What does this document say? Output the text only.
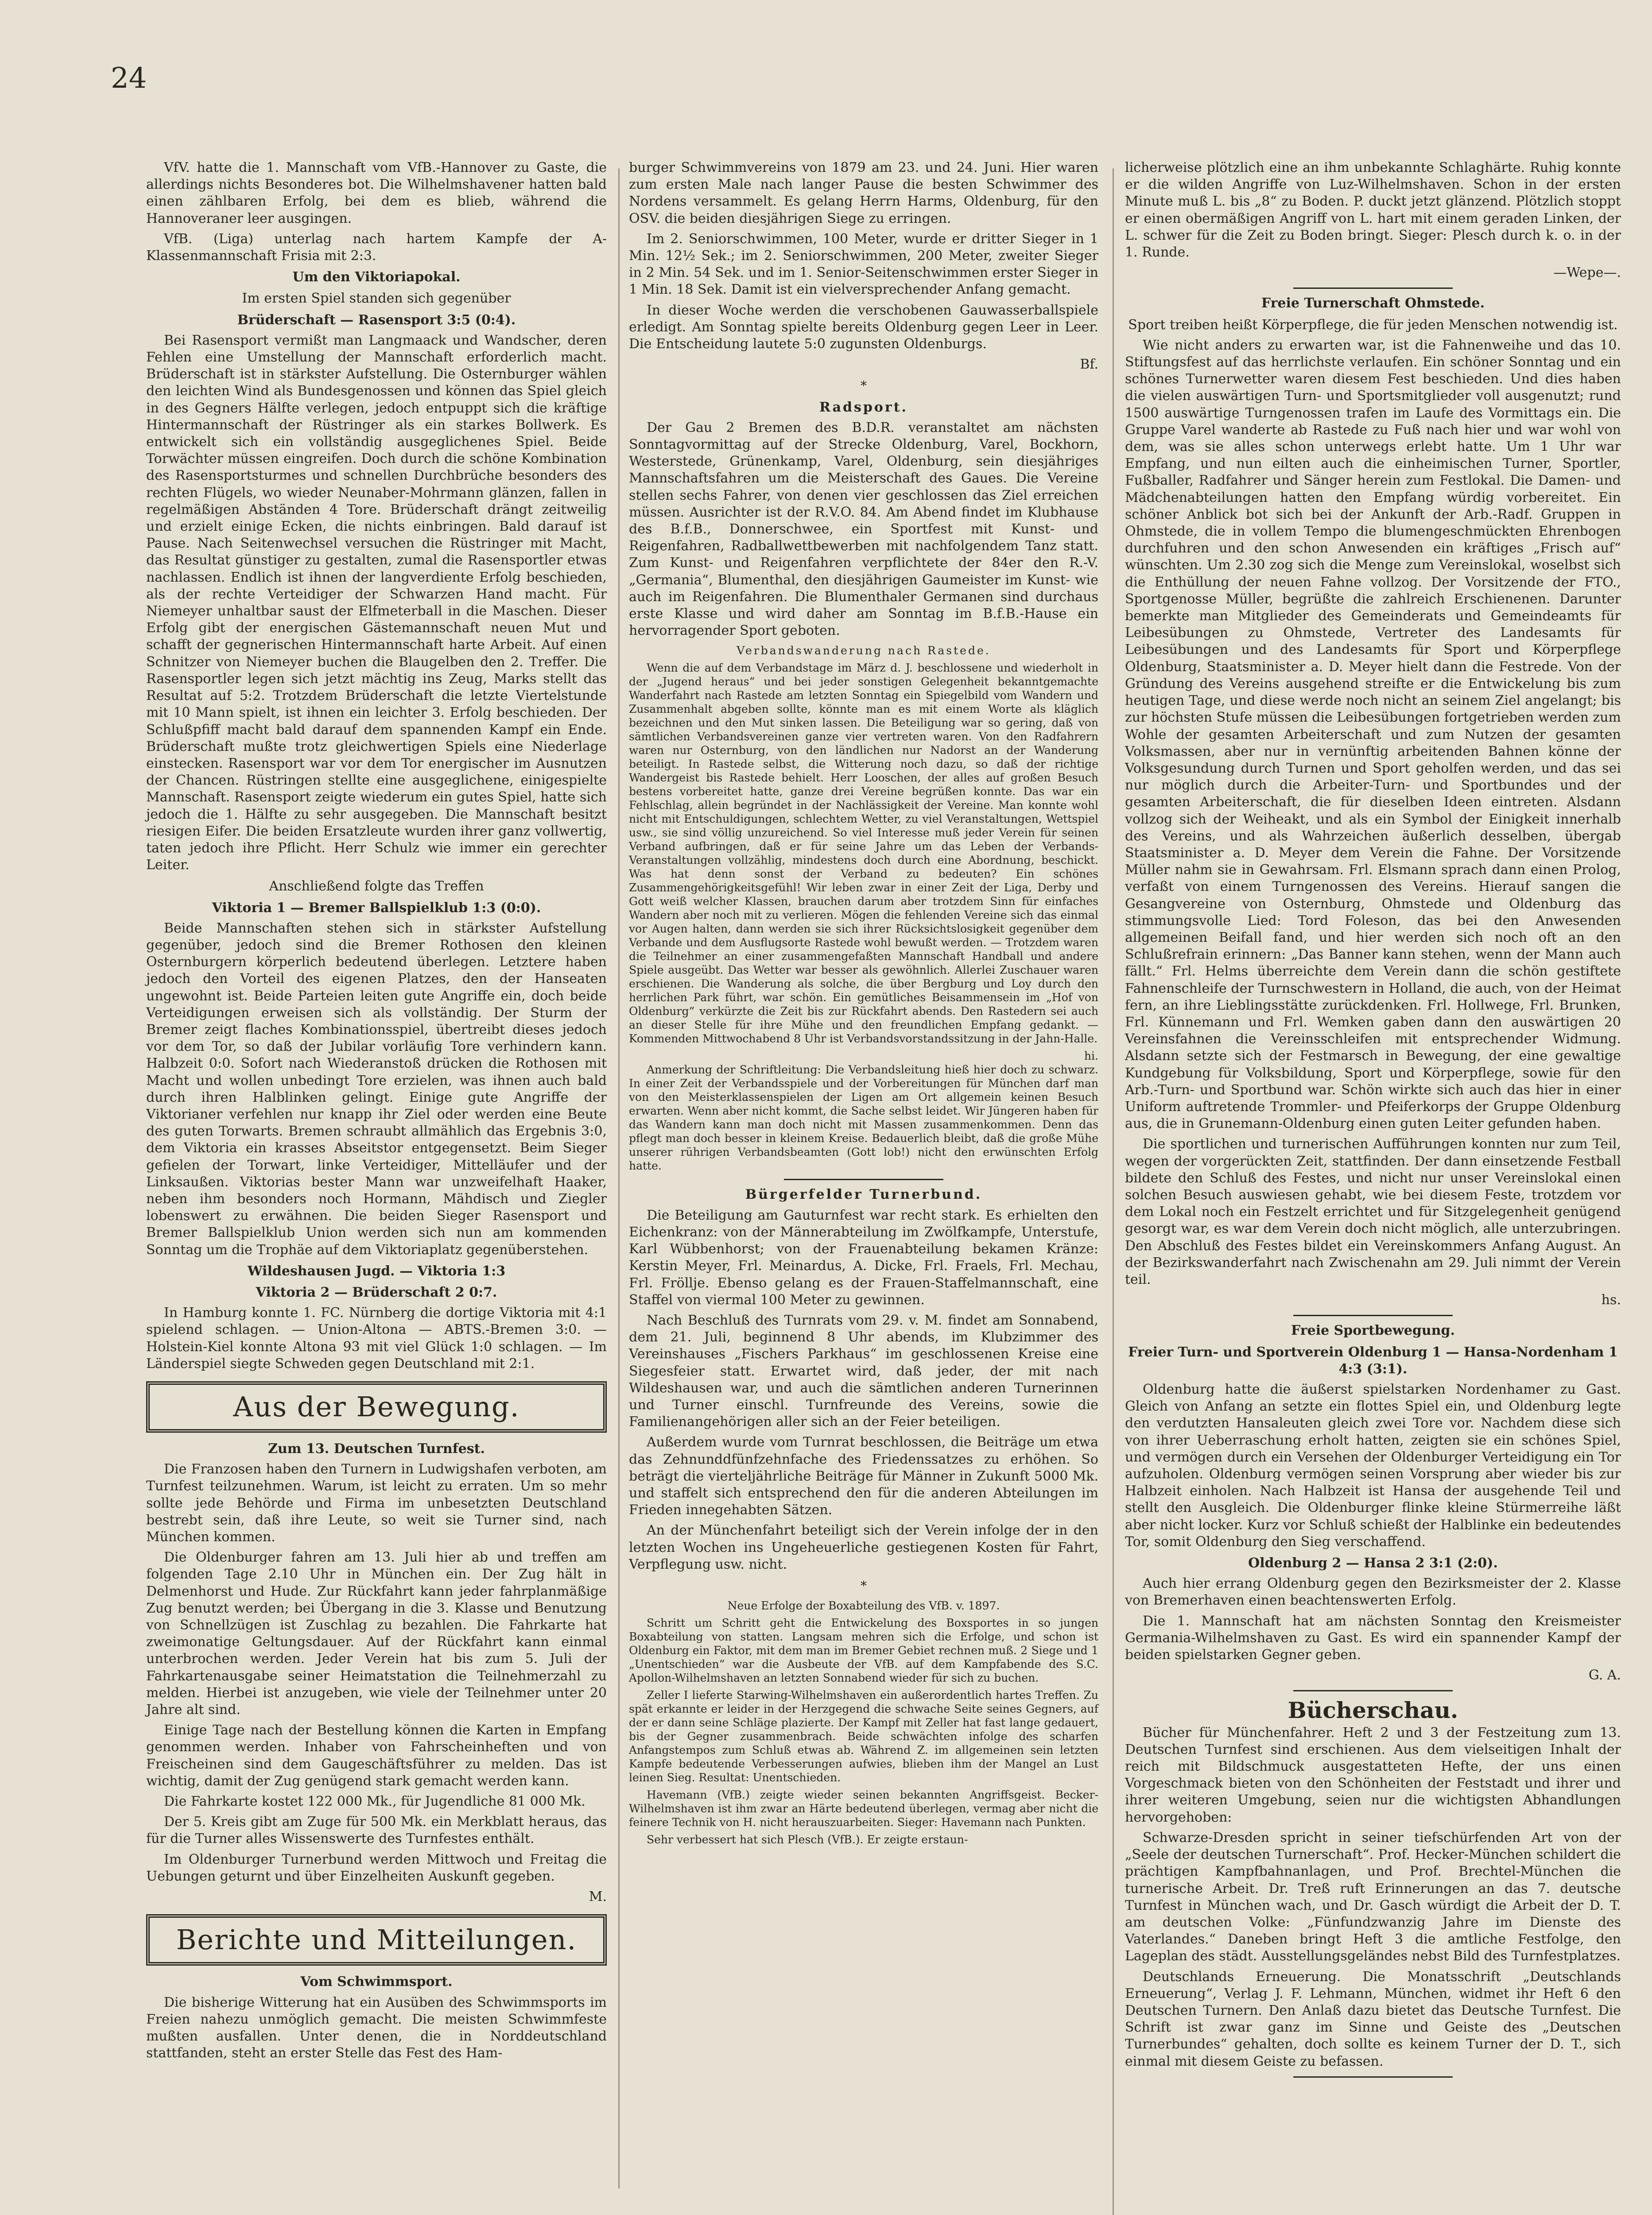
24

VfV. hatte die 1. Mannschaft vom VfB.-Hannover zu Gaste, die allerdings nichts Besonderes bot. Die Wilhelmshavener hatten bald einen zählbaren Erfolg, bei dem es blieb, während die Hannoveraner leer ausgingen.

VfB. (Liga) unterlag nach hartem Kampfe der A-Klassenmannschaft Frisia mit 2:3.

Um den Viktoriapokal.

Im ersten Spiel standen sich gegenüber

Brüderschaft — Rasensport 3:5 (0:4).

Bei Rasensport vermißt man Langmaack und Wandscher, deren Fehlen eine Umstellung der Mannschaft erforderlich macht. Brüderschaft ist in stärkster Aufstellung. Die Osternburger wählen den leichten Wind als Bundesgenossen und können das Spiel gleich in des Gegners Hälfte verlegen, jedoch entpuppt sich die kräftige Hintermannschaft der Rüstringer als ein starkes Bollwerk. Es entwickelt sich ein vollständig ausgeglichenes Spiel. Beide Torwächter müssen eingreifen. Doch durch die schöne Kombination des Rasensportsturmes und schnellen Durchbrüche besonders des rechten Flügels, wo wieder Neunaber-Mohrmann glänzen, fallen in regelmäßigen Abständen 4 Tore. Brüderschaft drängt zeitweilig und erzielt einige Ecken, die nichts einbringen. Bald darauf ist Pause. Nach Seitenwechsel versuchen die Rüstringer mit Macht, das Resultat günstiger zu gestalten, zumal die Rasensportler etwas nachlassen. Endlich ist ihnen der langverdiente Erfolg beschieden, als der rechte Verteidiger der Schwarzen Hand macht. Für Niemeyer unhaltbar saust der Elfmeterball in die Maschen. Dieser Erfolg gibt der energischen Gästemannschaft neuen Mut und schafft der gegnerischen Hintermannschaft harte Arbeit. Auf einen Schnitzer von Niemeyer buchen die Blaugelben den 2. Treffer. Die Rasensportler legen sich jetzt mächtig ins Zeug, Marks stellt das Resultat auf 5:2. Trotzdem Brüderschaft die letzte Viertelstunde mit 10 Mann spielt, ist ihnen ein leichter 3. Erfolg beschieden. Der Schlußpfiff macht bald darauf dem spannenden Kampf ein Ende. Brüderschaft mußte trotz gleichwertigen Spiels eine Niederlage einstecken. Rasensport war vor dem Tor energischer im Ausnutzen der Chancen. Rüstringen stellte eine ausgeglichene, einigespielte Mannschaft. Rasensport zeigte wiederum ein gutes Spiel, hatte sich jedoch die 1. Hälfte zu sehr ausgegeben. Die Mannschaft besitzt riesigen Eifer. Die beiden Ersatzleute wurden ihrer ganz vollwertig, taten jedoch ihre Pflicht. Herr Schulz wie immer ein gerechter Leiter.

Anschließend folgte das Treffen

Viktoria 1 — Bremer Ballspielklub 1:3 (0:0).

Beide Mannschaften stehen sich in stärkster Aufstellung gegenüber, jedoch sind die Bremer Rothosen den kleinen Osternburgern körperlich bedeutend überlegen. Letztere haben jedoch den Vorteil des eigenen Platzes, den der Hanseaten ungewohnt ist. Beide Parteien leiten gute Angriffe ein, doch beide Verteidigungen erweisen sich als vollständig. Der Sturm der Bremer zeigt flaches Kombinationsspiel, übertreibt dieses jedoch vor dem Tor, so daß der Jubilar vorläufig Tore verhindern kann. Halbzeit 0:0. Sofort nach Wiederanstoß drücken die Rothosen mit Macht und wollen unbedingt Tore erzielen, was ihnen auch bald durch ihren Halblinken gelingt. Einige gute Angriffe der Viktorianer verfehlen nur knapp ihr Ziel oder werden eine Beute des guten Torwarts. Bremen schraubt allmählich das Ergebnis 3:0, dem Viktoria ein krasses Abseitstor entgegensetzt. Beim Sieger gefielen der Torwart, linke Verteidiger, Mittelläufer und der Linksaußen. Viktorias bester Mann war unzweifelhaft Haaker, neben ihm besonders noch Hormann, Mähdisch und Ziegler lobenswert zu erwähnen. Die beiden Sieger Rasensport und Bremer Ballspielklub Union werden sich nun am kommenden Sonntag um die Trophäe auf dem Viktoriaplatz gegenüberstehen.

Wildeshausen Jugd. — Viktoria 1:3
Viktoria 2 — Brüderschaft 2 0:7.

In Hamburg konnte 1. FC. Nürnberg die dortige Viktoria mit 4:1 spielend schlagen. — Union-Altona — ABTS.-Bremen 3:0. — Holstein-Kiel konnte Altona 93 mit viel Glück 1:0 schlagen. — Im Länderspiel siegte Schweden gegen Deutschland mit 2:1.

Aus der Bewegung.
Zum 13. Deutschen Turnfest.

Die Franzosen haben den Turnern in Ludwigshafen verboten, am Turnfest teilzunehmen. Warum, ist leicht zu erraten. Um so mehr sollte jede Behörde und Firma im unbesetzten Deutschland bestrebt sein, daß ihre Leute, so weit sie Turner sind, nach München kommen.

Die Oldenburger fahren am 13. Juli hier ab und treffen am folgenden Tage 2.10 Uhr in München ein. Der Zug hält in Delmenhorst und Hude. Zur Rückfahrt kann jeder fahrplanmäßige Zug benutzt werden; bei Übergang in die 3. Klasse und Benutzung von Schnellzügen ist Zuschlag zu bezahlen. Die Fahrkarte hat zweimonatige Geltungsdauer. Auf der Rückfahrt kann einmal unterbrochen werden. Jeder Verein hat bis zum 5. Juli der Fahrkartenausgabe seiner Heimatstation die Teilnehmerzahl zu melden. Hierbei ist anzugeben, wie viele der Teilnehmer unter 20 Jahre alt sind.

Einige Tage nach der Bestellung können die Karten in Empfang genommen werden. Inhaber von Fahrscheinheften und von Freischeinen sind dem Gaugeschäftsführer zu melden. Das ist wichtig, damit der Zug genügend stark gemacht werden kann.

Die Fahrkarte kostet 122 000 Mk., für Jugendliche 81 000 Mk.

Der 5. Kreis gibt am Zuge für 500 Mk. ein Merkblatt heraus, das für die Turner alles Wissenswerte des Turnfestes enthält.

Im Oldenburger Turnerbund werden Mittwoch und Freitag die Uebungen geturnt und über Einzelheiten Auskunft gegeben.

M.
Berichte und Mitteilungen.
Vom Schwimmsport.

Die bisherige Witterung hat ein Ausüben des Schwimmsports im Freien nahezu unmöglich gemacht. Die meisten Schwimmfeste mußten ausfallen. Unter denen, die in Norddeutschland stattfanden, steht an erster Stelle das Fest des Ham-

burger Schwimmvereins von 1879 am 23. und 24. Juni. Hier waren zum ersten Male nach langer Pause die besten Schwimmer des Nordens versammelt. Es gelang Herrn Harms, Oldenburg, für den OSV. die beiden diesjährigen Siege zu erringen.

Im 2. Seniorschwimmen, 100 Meter, wurde er dritter Sieger in 1 Min. 12½ Sek.; im 2. Seniorschwimmen, 200 Meter, zweiter Sieger in 2 Min. 54 Sek. und im 1. Senior-Seitenschwimmen erster Sieger in 1 Min. 18 Sek. Damit ist ein vielversprechender Anfang gemacht.

In dieser Woche werden die verschobenen Gauwasserballspiele erledigt. Am Sonntag spielte bereits Oldenburg gegen Leer in Leer. Die Entscheidung lautete 5:0 zugunsten Oldenburgs.

Bf.
*
Radsport.

Der Gau 2 Bremen des B.D.R. veranstaltet am nächsten Sonntagvormittag auf der Strecke Oldenburg, Varel, Bockhorn, Westerstede, Grünenkamp, Varel, Oldenburg, sein diesjähriges Mannschaftsfahren um die Meisterschaft des Gaues. Die Vereine stellen sechs Fahrer, von denen vier geschlossen das Ziel erreichen müssen. Ausrichter ist der R.V.O. 84. Am Abend findet im Klubhause des B.f.B., Donnerschwee, ein Sportfest mit Kunst- und Reigenfahren, Radballwettbewerben mit nachfolgendem Tanz statt. Zum Kunst- und Reigenfahren verpflichtete der 84er den R.-V. „Germania“, Blumenthal, den diesjährigen Gaumeister im Kunst- wie auch im Reigenfahren. Die Blumenthaler Germanen sind durchaus erste Klasse und wird daher am Sonntag im B.f.B.-Hause ein hervorragender Sport geboten.

Verbandswanderung nach Rastede.

Wenn die auf dem Verbandstage im März d. J. beschlossene und wiederholt in der „Jugend heraus“ und bei jeder sonstigen Gelegenheit bekanntgemachte Wanderfahrt nach Rastede am letzten Sonntag ein Spiegelbild vom Wandern und Zusammenhalt abgeben sollte, könnte man es mit einem Worte als kläglich bezeichnen und den Mut sinken lassen. Die Beteiligung war so gering, daß von sämtlichen Verbandsvereinen ganze vier vertreten waren. Von den Radfahrern waren nur Osternburg, von den ländlichen nur Nadorst an der Wanderung beteiligt. In Rastede selbst, die Witterung noch dazu, so daß der richtige Wandergeist bis Rastede behielt. Herr Looschen, der alles auf großen Besuch bestens vorbereitet hatte, ganze drei Vereine begrüßen konnte. Das war ein Fehlschlag, allein begründet in der Nachlässigkeit der Vereine. Man konnte wohl nicht mit Entschuldigungen, schlechtem Wetter, zu viel Veranstaltungen, Wettspiel usw., sie sind völlig unzureichend. So viel Interesse muß jeder Verein für seinen Verband aufbringen, daß er für seine Jahre um das Leben der Verbands-Veranstaltungen vollzählig, mindestens doch durch eine Abordnung, beschickt. Was hat denn sonst der Verband zu bedeuten? Ein schönes Zusammengehörigkeitsgefühl! Wir leben zwar in einer Zeit der Liga, Derby und Gott weiß welcher Klassen, brauchen darum aber trotzdem Sinn für einfaches Wandern aber noch mit zu verlieren. Mögen die fehlenden Vereine sich das einmal vor Augen halten, dann werden sie sich ihrer Rücksichtslosigkeit gegenüber dem Verbande und dem Ausflugsorte Rastede wohl bewußt werden. — Trotzdem waren die Teilnehmer an einer zusammengefaßten Mannschaft Handball und andere Spiele ausgeübt. Das Wetter war besser als gewöhnlich. Allerlei Zuschauer waren erschienen. Die Wanderung als solche, die über Bergburg und Loy durch den herrlichen Park führt, war schön. Ein gemütliches Beisammensein im „Hof von Oldenburg“ verkürzte die Zeit bis zur Rückfahrt abends. Den Rastedern sei auch an dieser Stelle für ihre Mühe und den freundlichen Empfang gedankt. — Kommenden Mittwochabend 8 Uhr ist Verbandsvorstandssitzung in der Jahn-Halle.

hi.

Anmerkung der Schriftleitung: Die Verbandsleitung hieß hier doch zu schwarz. In einer Zeit der Verbandsspiele und der Vorbereitungen für München darf man von den Meisterklassenspielen der Ligen am Ort allgemein keinen Besuch erwarten. Wenn aber nicht kommt, die Sache selbst leidet. Wir Jüngeren haben für das Wandern kann man doch nicht mit Massen zusammenkommen. Denn das pflegt man doch besser in kleinem Kreise. Bedauerlich bleibt, daß die große Mühe unserer rührigen Verbandsbeamten (Gott lob!) nicht den erwünschten Erfolg hatte.

Bürgerfelder Turnerbund.

Die Beteiligung am Gauturnfest war recht stark. Es erhielten den Eichenkranz: von der Männerabteilung im Zwölfkampfe, Unterstufe, Karl Wübbenhorst; von der Frauenabteilung bekamen Kränze: Kerstin Meyer, Frl. Meinardus, A. Dicke, Frl. Fraels, Frl. Mechau, Frl. Fröllje. Ebenso gelang es der Frauen-Staffelmannschaft, eine Staffel von viermal 100 Meter zu gewinnen.

Nach Beschluß des Turnrats vom 29. v. M. findet am Sonnabend, dem 21. Juli, beginnend 8 Uhr abends, im Klubzimmer des Vereinshauses „Fischers Parkhaus“ im geschlossenen Kreise eine Siegesfeier statt. Erwartet wird, daß jeder, der mit nach Wildeshausen war, und auch die sämtlichen anderen Turnerinnen und Turner einschl. Turnfreunde des Vereins, sowie die Familienangehörigen aller sich an der Feier beteiligen.

Außerdem wurde vom Turnrat beschlossen, die Beiträge um etwa das Zehnunddfünfzehnfache des Friedenssatzes zu erhöhen. So beträgt die vierteljährliche Beiträge für Männer in Zukunft 5000 Mk. und staffelt sich entsprechend den für die anderen Abteilungen im Frieden innegehabten Sätzen.

An der Münchenfahrt beteiligt sich der Verein infolge der in den letzten Wochen ins Ungeheuerliche gestiegenen Kosten für Fahrt, Verpflegung usw. nicht.

*
Neue Erfolge der Boxabteilung des VfB. v. 1897.

Schritt um Schritt geht die Entwickelung des Boxsportes in so jungen Boxabteilung von statten. Langsam mehren sich die Erfolge, und schon ist Oldenburg ein Faktor, mit dem man im Bremer Gebiet rechnen muß. 2 Siege und 1 „Unentschieden“ war die Ausbeute der VfB. auf dem Kampfabende des S.C. Apollon-Wilhelmshaven an letzten Sonnabend wieder für sich zu buchen.

Zeller I lieferte Starwing-Wilhelmshaven ein außerordentlich hartes Treffen. Zu spät erkannte er leider in der Herzgegend die schwache Seite seines Gegners, auf der er dann seine Schläge plazierte. Der Kampf mit Zeller hat fast lange gedauert, bis der Gegner zusammenbrach. Beide schwächten infolge des scharfen Anfangstempos zum Schluß etwas ab. Während Z. im allgemeinen sein letzten Kampfe bedeutende Verbesserungen aufwies, blieben ihm der Mangel an Lust leinen Sieg. Resultat: Unentschieden.

Havemann (VfB.) zeigte wieder seinen bekannten Angriffsgeist. Becker-Wilhelmshaven ist ihm zwar an Härte bedeutend überlegen, vermag aber nicht die feinere Technik von H. nicht herauszuarbeiten. Sieger: Havemann nach Punkten.

Sehr verbessert hat sich Plesch (VfB.). Er zeigte erstaun-

licherweise plötzlich eine an ihm unbekannte Schlaghärte. Ruhig konnte er die wilden Angriffe von Luz-Wilhelmshaven. Schon in der ersten Minute muß L. bis „8“ zu Boden. P. duckt jetzt glänzend. Plötzlich stoppt er einen obermäßigen Angriff von L. hart mit einem geraden Linken, der L. schwer für die Zeit zu Boden bringt. Sieger: Plesch durch k. o. in der 1. Runde.

—Wepe—.
Freie Turnerschaft Ohmstede.
Sport treiben heißt Körperpflege, die für jeden Menschen notwendig ist.

Wie nicht anders zu erwarten war, ist die Fahnenweihe und das 10. Stiftungsfest auf das herrlichste verlaufen. Ein schöner Sonntag und ein schönes Turnerwetter waren diesem Fest beschieden. Und dies haben die vielen auswärtigen Turn- und Sportsmitglieder voll ausgenutzt; rund 1500 auswärtige Turngenossen trafen im Laufe des Vormittags ein. Die Gruppe Varel wanderte ab Rastede zu Fuß nach hier und war wohl von dem, was sie alles schon unterwegs erlebt hatte. Um 1 Uhr war Empfang, und nun eilten auch die einheimischen Turner, Sportler, Fußballer, Radfahrer und Sänger herein zum Festlokal. Die Damen- und Mädchenabteilungen hatten den Empfang würdig vorbereitet. Ein schöner Anblick bot sich bei der Ankunft der Arb.-Radf. Gruppen in Ohmstede, die in vollem Tempo die blumengeschmückten Ehrenbogen durchfuhren und den schon Anwesenden ein kräftiges „Frisch auf“ wünschten. Um 2.30 zog sich die Menge zum Vereinslokal, woselbst sich die Enthüllung der neuen Fahne vollzog. Der Vorsitzende der FTO., Sportgenosse Müller, begrüßte die zahlreich Erschienenen. Darunter bemerkte man Mitglieder des Gemeinderats und Gemeindeamts für Leibesübungen zu Ohmstede, Vertreter des Landesamts für Leibesübungen und des Landesamts für Sport und Körperpflege Oldenburg, Staatsminister a. D. Meyer hielt dann die Festrede. Von der Gründung des Vereins ausgehend streifte er die Entwickelung bis zum heutigen Tage, und diese werde noch nicht an seinem Ziel angelangt; bis zur höchsten Stufe müssen die Leibesübungen fortgetrieben werden zum Wohle der gesamten Arbeiterschaft und zum Nutzen der gesamten Volksmassen, aber nur in vernünftig arbeitenden Bahnen könne der Volksgesundung durch Turnen und Sport geholfen werden, und das sei nur möglich durch die Arbeiter-Turn- und Sportbundes und der gesamten Arbeiterschaft, die für dieselben Ideen eintreten. Alsdann vollzog sich der Weiheakt, und als ein Symbol der Einigkeit innerhalb des Vereins, und als Wahrzeichen äußerlich desselben, übergab Staatsminister a. D. Meyer dem Verein die Fahne. Der Vorsitzende Müller nahm sie in Gewahrsam. Frl. Elsmann sprach dann einen Prolog, verfaßt von einem Turngenossen des Vereins. Hierauf sangen die Gesangvereine von Osternburg, Ohmstede und Oldenburg das stimmungsvolle Lied: Tord Foleson, das bei den Anwesenden allgemeinen Beifall fand, und hier werden sich noch oft an den Schlußrefrain erinnern: „Das Banner kann stehen, wenn der Mann auch fällt.“ Frl. Helms überreichte dem Verein dann die schön gestiftete Fahnenschleife der Turnschwestern in Holland, die auch, von der Heimat fern, an ihre Lieblingsstätte zurückdenken. Frl. Hollwege, Frl. Brunken, Frl. Künnemann und Frl. Wemken gaben dann den auswärtigen 20 Vereinsfahnen die Vereinsschleifen mit entsprechender Widmung. Alsdann setzte sich der Festmarsch in Bewegung, der eine gewaltige Kundgebung für Volksbildung, Sport und Körperpflege, sowie für den Arb.-Turn- und Sportbund war. Schön wirkte sich auch das hier in einer Uniform auftretende Trommler- und Pfeiferkorps der Gruppe Oldenburg aus, die in Grunemann-Oldenburg einen guten Leiter gefunden haben.

Die sportlichen und turnerischen Aufführungen konnten nur zum Teil, wegen der vorgerückten Zeit, stattfinden. Der dann einsetzende Festball bildete den Schluß des Festes, und nicht nur unser Vereinslokal einen solchen Besuch auswiesen gehabt, wie bei diesem Feste, trotzdem vor dem Lokal noch ein Festzelt errichtet und für Sitzgelegenheit genügend gesorgt war, es war dem Verein doch nicht möglich, alle unterzubringen. Den Abschluß des Festes bildet ein Vereinskommers Anfang August. An der Bezirkswanderfahrt nach Zwischenahn am 29. Juli nimmt der Verein teil.

hs.
Freie Sportbewegung.
Freier Turn- und Sportverein Oldenburg 1 — Hansa-Nordenham 1 4:3 (3:1).

Oldenburg hatte die äußerst spielstarken Nordenhamer zu Gast. Gleich von Anfang an setzte ein flottes Spiel ein, und Oldenburg legte den verdutzten Hansaleuten gleich zwei Tore vor. Nachdem diese sich von ihrer Ueberraschung erholt hatten, zeigten sie ein schönes Spiel, und vermögen durch ein Versehen der Oldenburger Verteidigung ein Tor aufzuholen. Oldenburg vermögen seinen Vorsprung aber wieder bis zur Halbzeit einholen. Nach Halbzeit ist Hansa der ausgehende Teil und stellt den Ausgleich. Die Oldenburger flinke kleine Stürmerreihe läßt aber nicht locker. Kurz vor Schluß schießt der Halblinke ein bedeutendes Tor, somit Oldenburg den Sieg verschaffend.

Oldenburg 2 — Hansa 2 3:1 (2:0).

Auch hier errang Oldenburg gegen den Bezirksmeister der 2. Klasse von Bremerhaven einen beachtenswerten Erfolg.

Die 1. Mannschaft hat am nächsten Sonntag den Kreismeister Germania-Wilhelmshaven zu Gast. Es wird ein spannender Kampf der beiden spielstarken Gegner geben.

G. A.
Bücherschau.

Bücher für Münchenfahrer. Heft 2 und 3 der Festzeitung zum 13. Deutschen Turnfest sind erschienen. Aus dem vielseitigen Inhalt der reich mit Bildschmuck ausgestatteten Hefte, der uns einen Vorgeschmack bieten von den Schönheiten der Feststadt und ihrer und ihrer weiteren Umgebung, seien nur die wichtigsten Abhandlungen hervorgehoben:

Schwarze-Dresden spricht in seiner tiefschürfenden Art von der „Seele der deutschen Turnerschaft“. Prof. Hecker-München schildert die prächtigen Kampfbahnanlagen, und Prof. Brechtel-München die turnerische Arbeit. Dr. Treß ruft Erinnerungen an das 7. deutsche Turnfest in München wach, und Dr. Gasch würdigt die Arbeit der D. T. am deutschen Volke: „Fünfundzwanzig Jahre im Dienste des Vaterlandes.“ Daneben bringt Heft 3 die amtliche Festfolge, den Lageplan des städt. Ausstellungsgeländes nebst Bild des Turnfestplatzes.

Deutschlands Erneuerung. Die Monatsschrift „Deutschlands Erneuerung“, Verlag J. F. Lehmann, München, widmet ihr Heft 6 den Deutschen Turnern. Den Anlaß dazu bietet das Deutsche Turnfest. Die Schrift ist zwar ganz im Sinne und Geiste des „Deutschen Turnerbundes“ gehalten, doch sollte es keinem Turner der D. T., sich einmal mit diesem Geiste zu befassen.
